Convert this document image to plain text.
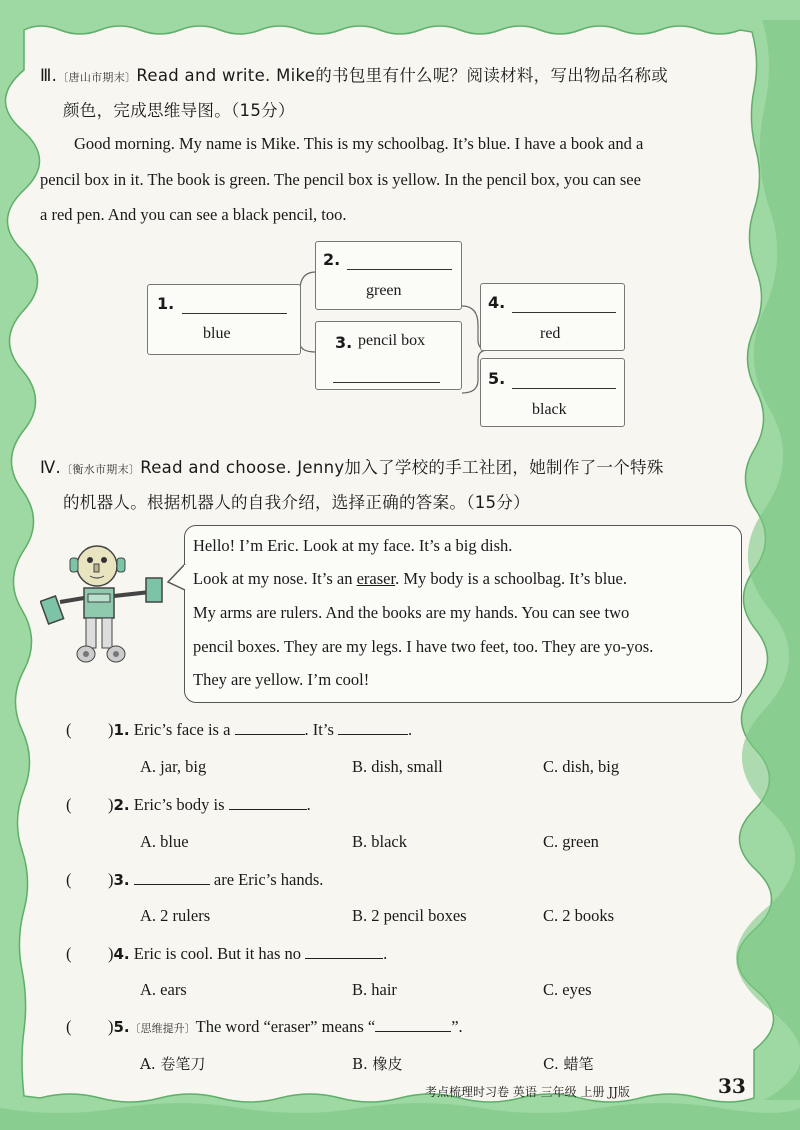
Ⅲ.〔唐山市期末〕Read and write. Mike的书包里有什么呢？阅读材料，写出物品名称或
颜色，完成思维导图。（15分）
Good morning. My name is Mike. This is my schoolbag. It’s blue. I have a book and a
pencil box in it. The book is green. The pencil box is yellow. In the pencil box, you can see
a red pen. And you can see a black pencil, too.
1.
blue
2.
green
3. pencil box
4.
red
5.
black
Ⅳ.〔衡水市期末〕Read and choose. Jenny加入了学校的手工社团，她制作了一个特殊
的机器人。根据机器人的自我介绍，选择正确的答案。（15分）
Hello! I’m Eric. Look at my face. It’s a big dish.
Look at my nose. It’s an eraser. My body is a schoolbag. It’s blue.
My arms are rulers. And the books are my hands. You can see two
pencil boxes. They are my legs. I have two feet, too. They are yo-yos.
They are yellow. I’m cool!
( )1. Eric’s face is a	. It’s	.
A. jar, big	B. dish, small	C. dish, big
( )2. Eric’s body is	.
A. blue	B. black	C. green
( )3.	are Eric’s hands.
A. 2 rulers	B. 2 pencil boxes	C. 2 books
( )4. Eric is cool. But it has no	.
A. ears	B. hair	C. eyes
( )5.〔思维提升〕The word “eraser” means “	”.
A. 卷笔刀	B. 橡皮	C. 蜡笔
考点梳理时习卷 英语 三年级 上册 JJ版	33
